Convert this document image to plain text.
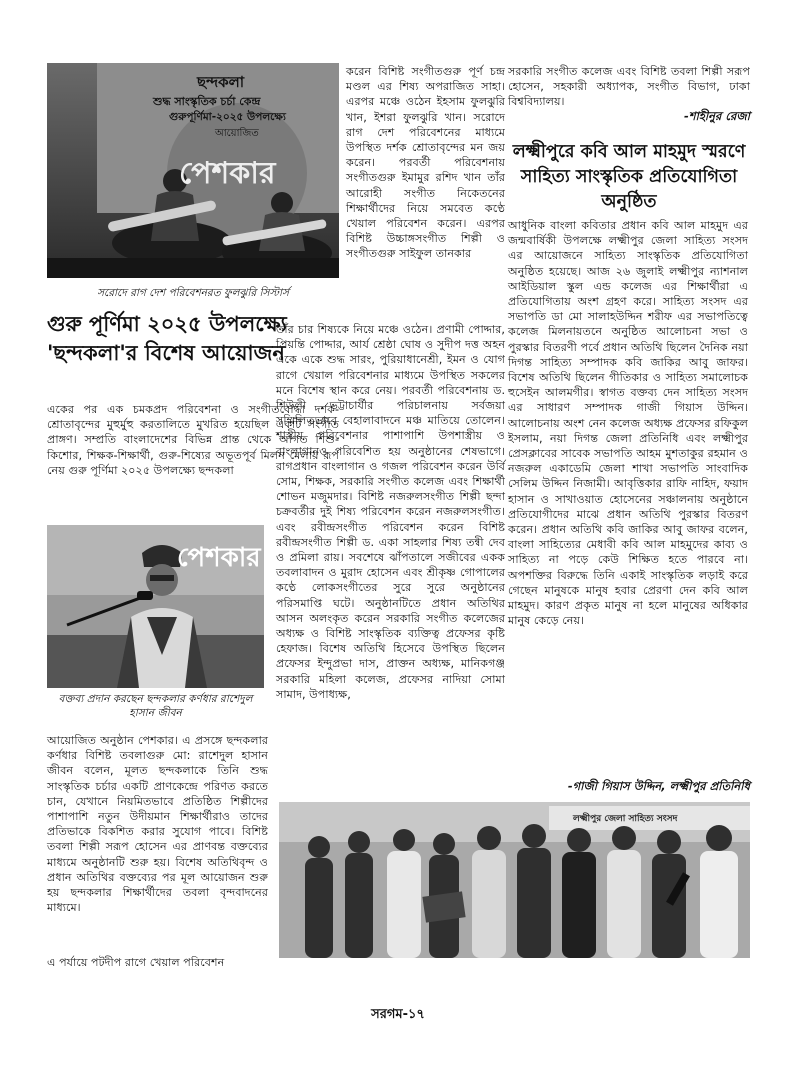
ছন্দকলা
শুদ্ধ সাংস্কৃতিক চর্চা কেন্দ্র
গুরুপূর্ণিমা-২০২৫ উপলক্ষ্যে
আয়োজিত
পেশকার
সরোদে রাগ দেশ পরিবেশনরত ফুলঝুরি সিস্টার্স
গুরু পূর্ণিমা ২০২৫ উপলক্ষ্যে 'ছন্দকলা'র বিশেষ আয়োজন
একের পর এক চমকপ্রদ পরিবেশনা ও সংগীতবোদ্ধা দর্শক-শ্রোতাবৃন্দের মুহুর্মুহু করতালিতে মুখরিত হয়েছিল একটি সংগীত প্রাঙ্গণ। সম্প্রতি বাংলাদেশের বিভিন্ন প্রান্ত থেকে আগত শিশু-কিশোর, শিক্ষক-শিক্ষার্থী, গুরু-শিষ্যের অভূতপূর্ব মিলন মেলায় রূপ নেয় গুরু পূর্ণিমা ২০২৫ উপলক্ষ্যে ছন্দকলা
পেশকার
বক্তব্য প্রদান করছেন ছন্দকলার কর্ণধার রাশেদুল হাসান জীবন
আয়োজিত অনুষ্ঠান পেশকার। এ প্রসঙ্গে ছন্দকলার কর্ণধার বিশিষ্ট তবলাগুরু মো: রাশেদুল হাসান জীবন বলেন, মূলত ছন্দকলাকে তিনি শুদ্ধ সাংস্কৃতিক চর্চার একটি প্রাণকেন্দ্রে পরিণত করতে চান, যেখানে নিয়মিতভাবে প্রতিষ্ঠিত শিল্পীদের পাশাপাশি নতুন উদীয়মান শিক্ষার্থীরাও তাদের প্রতিভাকে বিকশিত করার সুযোগ পাবে। বিশিষ্ট তবলা শিল্পী সরূপ হোসেন এর প্রাণবন্ত বক্তব্যের মাধ্যমে অনুষ্ঠানটি শুরু হয়। বিশেষ অতিথিবৃন্দ ও প্রধান অতিথির বক্তব্যের পর মূল আয়োজন শুরু হয় ছন্দকলার শিক্ষার্থীদের তবলা বৃন্দবাদনের মাধ্যমে।
এ পর্যায়ে পটদীপ রাগে খেয়াল পরিবেশন
করেন বিশিষ্ট সংগীতগুরু পূর্ণ চন্দ্র মণ্ডল এর শিষ্য অপরাজিত সাহা। এরপর মঞ্চে ওঠেন ইহসাম ফুলঝুরি খান, ইশরা ফুলঝুরি খান। সরোদে রাগ দেশ পরিবেশনের মাধ্যমে উপস্থিত দর্শক শ্রোতাবৃন্দের মন জয় করেন। পরবর্তী পরিবেশনায় সংগীতগুরু ইমামুর রশিদ খান তাঁর আরোহী সংগীত নিকেতনের শিক্ষার্থীদের নিয়ে সমবেত কণ্ঠে খেয়াল পরিবেশন করেন। এরপর বিশিষ্ট উচ্চাঙ্গসংগীত শিল্পী ও সংগীতগুরু সাইফুল তানকার
তাঁর চার শিষ্যকে নিয়ে মঞ্চে ওঠেন। প্রণামী পোদ্দার, প্রিয়ন্তি পোদ্দার, আর্য শ্রেষ্ঠা ঘোষ ও সুদীপ দত্ত অহন একে একে শুদ্ধ সারং, পুরিয়াধানেশ্রী, ইমন ও যোগ রাগে খেয়াল পরিবেশনার মাধ্যমে উপস্থিত সকলের মনে বিশেষ স্থান করে নেয়। পরবর্তী পরিবেশনায় ড. শিউলী ভট্টাচার্যীর পরিচালনায় সর্বজয়া সম্মিলিতভাবে বেহালাবাদনে মঞ্চ মাতিয়ে তোলেন। শাস্ত্রীয় পরিবেশনার পাশাপাশি উপশাস্ত্রীয় ও বাংলাগানও পরিবেশিত হয় অনুষ্ঠানের শেষভাগে। রাগপ্রধান বাংলাগান ও গজল পরিবেশন করেন উর্বি সোম, শিক্ষক, সরকারি সংগীত কলেজ এবং শিক্ষার্থী শোভন মজুমদার। বিশিষ্ট নজরুলসংগীত শিল্পী ছন্দা চক্রবর্তীর দুই শিষ্য পরিবেশন করেন নজরুলসংগীত। এবং রবীন্দ্রসংগীত পরিবেশন করেন বিশিষ্ট রবীন্দ্রসংগীত শিল্পী ড. একা সাহলার শিষ্য তন্বী দেব ও প্রমিলা রায়। সবশেষে ঝাঁপতালে সজীবের একক তবলাবাদন ও মুরাদ হোসেন এবং শ্রীকৃষ্ণ গোপালের কণ্ঠে লোকসংগীতের সুরে সুরে অনুষ্ঠানের পরিসমাপ্তি ঘটে। অনুষ্ঠানটিতে প্রধান অতিথির আসন অলংকৃত করেন সরকারি সংগীত কলেজের অধ্যক্ষ ও বিশিষ্ট সাংস্কৃতিক ব্যক্তিত্ব প্রফেসর কৃষ্টি হেফাজ। বিশেষ অতিথি হিসেবে উপস্থিত ছিলেন প্রফেসর ইন্দুপ্রভা দাস, প্রাক্তন অধ্যক্ষ, মানিকগঞ্জ সরকারি মহিলা কলেজ, প্রফেসর নাদিয়া সোমা সামাদ, উপাধ্যক্ষ,
সরকারি সংগীত কলেজ এবং বিশিষ্ট তবলা শিল্পী সরূপ হোসেন, সহকারী অধ্যাপক, সংগীত বিভাগ, ঢাকা বিশ্ববিদ্যালয়।
-শাহীনুর রেজা
লক্ষ্মীপুরে কবি আল মাহমুদ স্মরণে সাহিত্য সাংস্কৃতিক প্রতিযোগিতা অনুষ্ঠিত
আধুনিক বাংলা কবিতার প্রধান কবি আল মাহমুদ এর জন্মবার্ষিকী উপলক্ষে লক্ষ্মীপুর জেলা সাহিত্য সংসদ এর আয়োজনে সাহিত্য সাংস্কৃতিক প্রতিযোগিতা অনুষ্ঠিত হয়েছে। আজ ২৬ জুলাই লক্ষ্মীপুর ন্যাশনাল আইডিয়াল স্কুল এন্ড কলেজ এর শিক্ষার্থীরা এ প্রতিযোগিতায় অংশ গ্রহণ করে। সাহিত্য সংসদ এর সভাপতি ডা মো সালাহউদ্দিন শরীফ এর সভাপতিত্বে কলেজ মিলনায়তনে অনুষ্ঠিত আলোচনা সভা ও পুরস্কার বিতরণী পর্বে প্রধান অতিথি ছিলেন দৈনিক নয়া দিগন্ত সাহিত্য সম্পাদক কবি জাকির আবু জাফর। বিশেষ অতিথি ছিলেন গীতিকার ও সাহিত্য সমালোচক হুসেইন আলমগীর। স্বাগত বক্তব্য দেন সাহিত্য সংসদ এর সাধারণ সম্পাদক গাজী গিয়াস উদ্দিন। আলোচনায় অংশ নেন কলেজ অধ্যক্ষ প্রফেসর রফিকুল ইসলাম, নয়া দিগন্ত জেলা প্রতিনিধি এবং লক্ষ্মীপুর প্রেসক্লাবের সাবেক সভাপতি আহম মুশতাকুর রহমান ও নজরুল একাডেমি জেলা শাখা সভাপতি সাংবাদিক সেলিম উদ্দিন নিজামী। আবৃত্তিকার রাফি নাহিদ, ফয়াদ হাসান ও সাখাওয়াত হোসেনের সঞ্চালনায় অনুষ্ঠানে প্রতিযোগীদের মাঝে প্রধান অতিথি পুরস্কার বিতরণ করেন। প্রধান অতিথি কবি জাকির আবু জাফর বলেন, বাংলা সাহিত্যের মেধাবী কবি আল মাহমুদের কাব্য ও সাহিত্য না পড়ে কেউ শিক্ষিত হতে পারবে না। অপশক্তির বিরুদ্ধে তিনি একাই সাংস্কৃতিক লড়াই করে গেছেন মানুষকে মানুষ হবার প্রেরণা দেন কবি আল মাহমুদ। কারণ প্রকৃত মানুষ না হলে মানুষের অধিকার মানুষ কেড়ে নেয়।
-গাজী গিয়াস উদ্দিন, লক্ষ্মীপুর প্রতিনিধি
লক্ষ্মীপুর জেলা সাহিত্য সংসদ
সরগম-১৭
